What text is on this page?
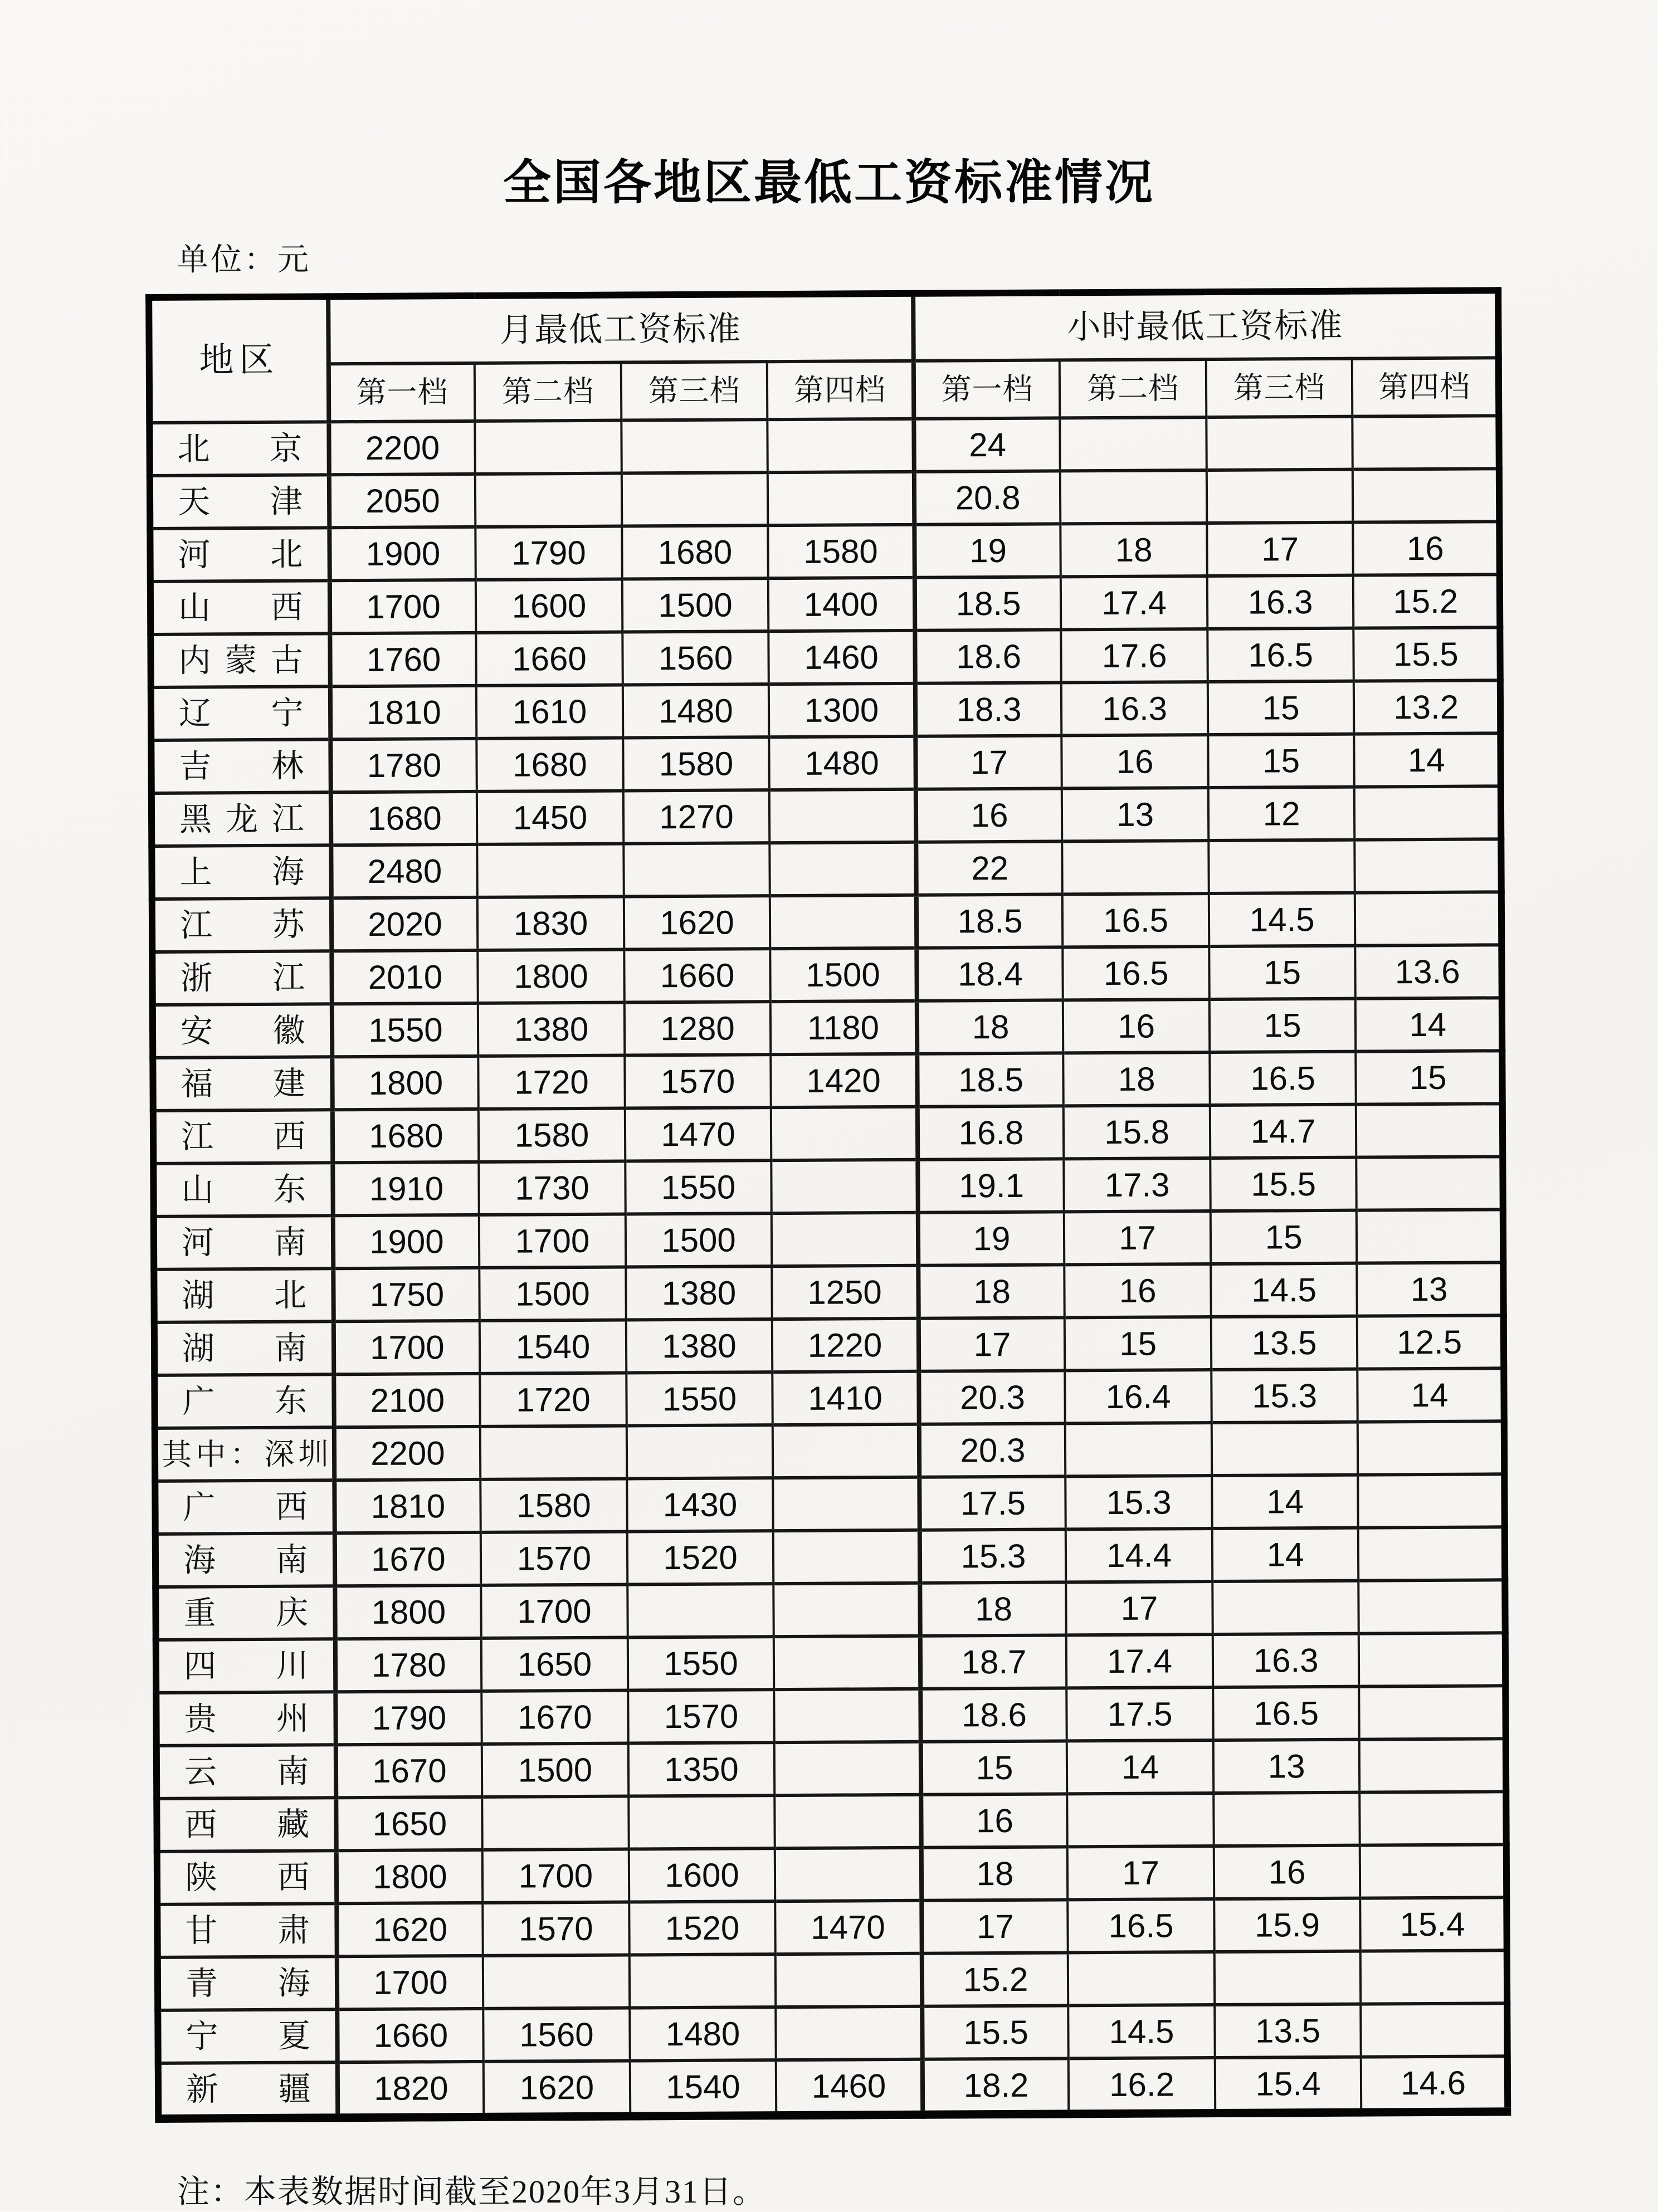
全国各地区最低工资标准情况
单位：元
地区	月最低工资标准				小时最低工资标准			
	第一档	第二档	第三档	第四档	第一档	第二档	第三档	第四档

北 京	2200				24			

天 津	2050				20.8			

河 北	1900	1790	1680	1580	19	18	17	16

山 西	1700	1600	1500	1400	18.5	17.4	16.3	15.2

内 蒙 古	1760	1660	1560	1460	18.6	17.6	16.5	15.5

辽 宁	1810	1610	1480	1300	18.3	16.3	15	13.2

吉 林	1780	1680	1580	1480	17	16	15	14

黑 龙 江	1680	1450	1270		16	13	12	

上 海	2480				22			

江 苏	2020	1830	1620		18.5	16.5	14.5	

浙 江	2010	1800	1660	1500	18.4	16.5	15	13.6

安 徽	1550	1380	1280	1180	18	16	15	14

福 建	1800	1720	1570	1420	18.5	18	16.5	15

江 西	1680	1580	1470		16.8	15.8	14.7	

山 东	1910	1730	1550		19.1	17.3	15.5	

河 南	1900	1700	1500		19	17	15	

湖 北	1750	1500	1380	1250	18	16	14.5	13

湖 南	1700	1540	1380	1220	17	15	13.5	12.5

广 东	2100	1720	1550	1410	20.3	16.4	15.3	14

其 中 ： 深 圳	2200				20.3			

广 西	1810	1580	1430		17.5	15.3	14	

海 南	1670	1570	1520		15.3	14.4	14	

重 庆	1800	1700			18	17		

四 川	1780	1650	1550		18.7	17.4	16.3	

贵 州	1790	1670	1570		18.6	17.5	16.5	

云 南	1670	1500	1350		15	14	13	

西 藏	1650				16			

陕 西	1800	1700	1600		18	17	16	

甘 肃	1620	1570	1520	1470	17	16.5	15.9	15.4

青 海	1700				15.2			

宁 夏	1660	1560	1480		15.5	14.5	13.5	

新 疆	1820	1620	1540	1460	18.2	16.2	15.4	14.6
注：本表数据时间截至2020年3月31日。
